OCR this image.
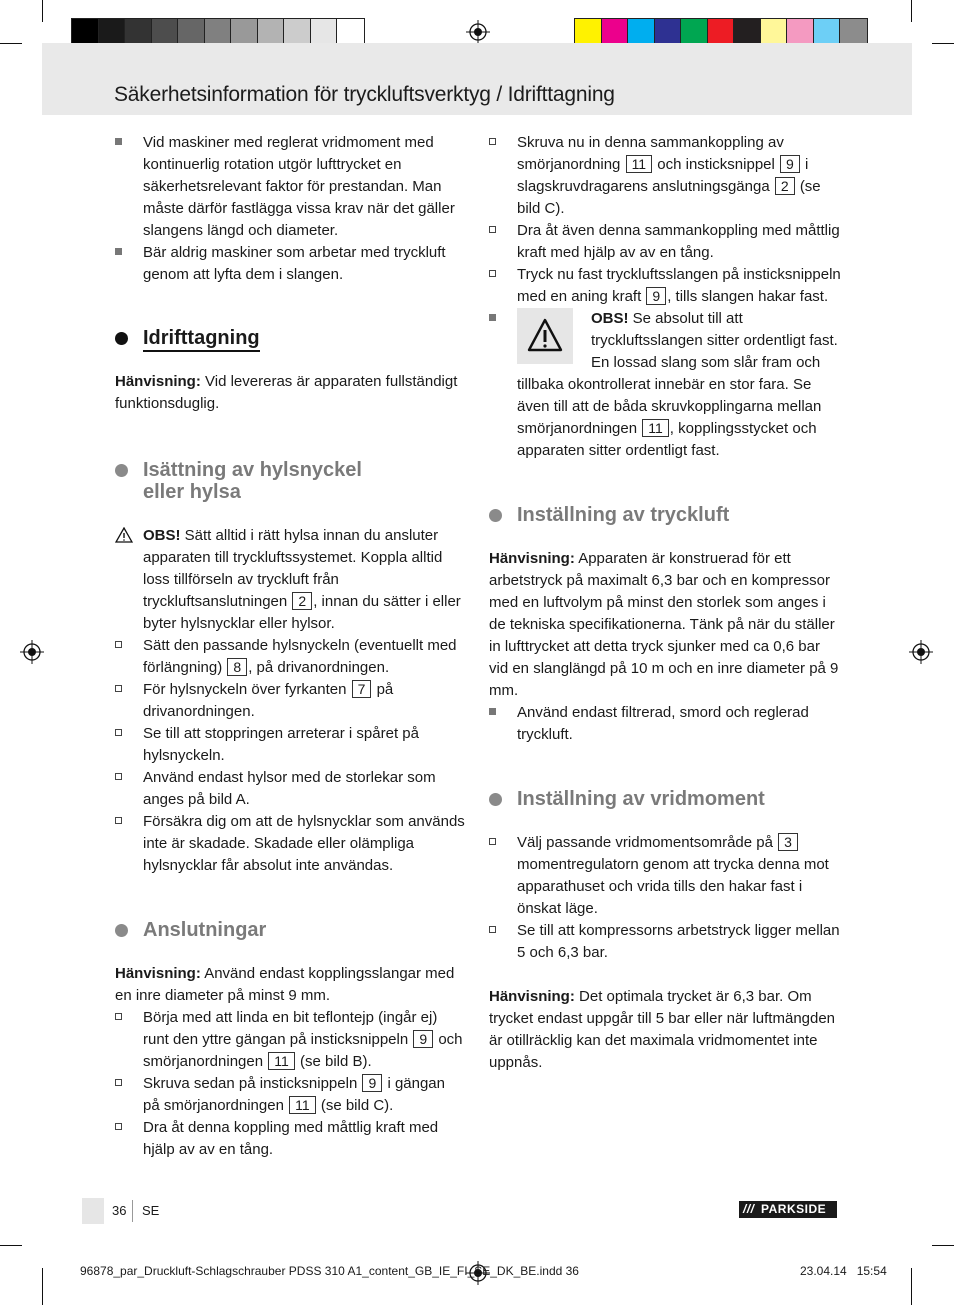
Säkerhetsinformation för tryckluftsverktyg / Idrifttagning

Vid maskiner med reglerat vridmoment med kontinuerlig rotation utgör lufttrycket en säkerhetsrelevant faktor för prestandan. Man måste därför fastlägga vissa krav när det gäller slangens längd och diameter.

Bär aldrig maskiner som arbetar med tryckluft genom att lyfta dem i slangen.

Idrifttagning

Hänvisning: Vid levereras är apparaten fullständigt funktionsduglig.

Isättning av hylsnyckel
eller hylsa

OBS! Sätt alltid i rätt hylsa innan du ansluter apparaten till tryckluftssystemet. Koppla alltid loss tillförseln av tryckluft från tryckluftsanslutningen 2 , innan du sätter i eller byter hylsnycklar eller hylsor.

Sätt den passande hylsnyckeln (eventuellt med förlängning) 8 , på drivanordningen.

För hylsnyckeln över fyrkanten 7 på drivanordningen.

Se till att stoppringen arreterar i spåret på hylsnyckeln.

Använd endast hylsor med de storlekar som anges på bild A.

Försäkra dig om att de hylsnycklar som används inte är skadade. Skadade eller olämpliga hylsnycklar får absolut inte användas.

Anslutningar

Hänvisning: Använd endast kopplingsslangar med en inre diameter på minst 9 mm.

Börja med att linda en bit teflontejp (ingår ej) runt den yttre gängan på insticksnippeln 9 och smörjanordningen 11 (se bild B).

Skruva sedan på insticksnippeln 9 i gängan på smörjanordningen 11 (se bild C).

Dra åt denna koppling med måttlig kraft med hjälp av av en tång.

Skruva nu in denna sammankoppling av smörjanordning 11 och insticksnippel 9 i slagskruvdragarens anslutningsgänga 2 (se bild C).

Dra åt även denna sammankoppling med måttlig kraft med hjälp av av en tång.

Tryck nu fast tryckluftsslangen på insticksnippeln med en aning kraft 9 , tills slangen hakar fast.

OBS! Se absolut till att tryckluftsslangen sitter ordentligt fast. En lossad slang som slår fram och tillbaka okontrollerat innebär en stor fara. Se även till att de båda skruvkopplingarna mellan smörjanordningen 11 , kopplingsstycket och apparaten sitter ordentligt fast.

Inställning av tryckluft

Hänvisning: Apparaten är konstruerad för ett arbetstryck på maximalt 6,3 bar och en kompressor med en luftvolym på minst den storlek som anges i de tekniska specifikationerna. Tänk på när du ställer in lufttrycket att detta tryck sjunker med ca 0,6 bar vid en slanglängd på 10 m och en inre diameter på 9 mm.

Använd endast filtrerad, smord och reglerad tryckluft.

Inställning av vridmoment

Välj passande vridmomentsområde på 3 momentregulatorn genom att trycka denna mot apparathuset och vrida tills den hakar fast i önskat läge.

Se till att kompressorns arbetstryck ligger mellan 5 och 6,3 bar.

Hänvisning: Det optimala trycket är 6,3 bar. Om trycket endast uppgår till 5 bar eller när luftmängden är otillräcklig kan det maximala vridmomentet inte uppnås.

36 SE	/// PARKSIDE
96878_par_Druckluft-Schlagschrauber PDSS 310 A1_content_GB_IE_FI_SE_DK_BE.indd 36	23.04.14   15:54
